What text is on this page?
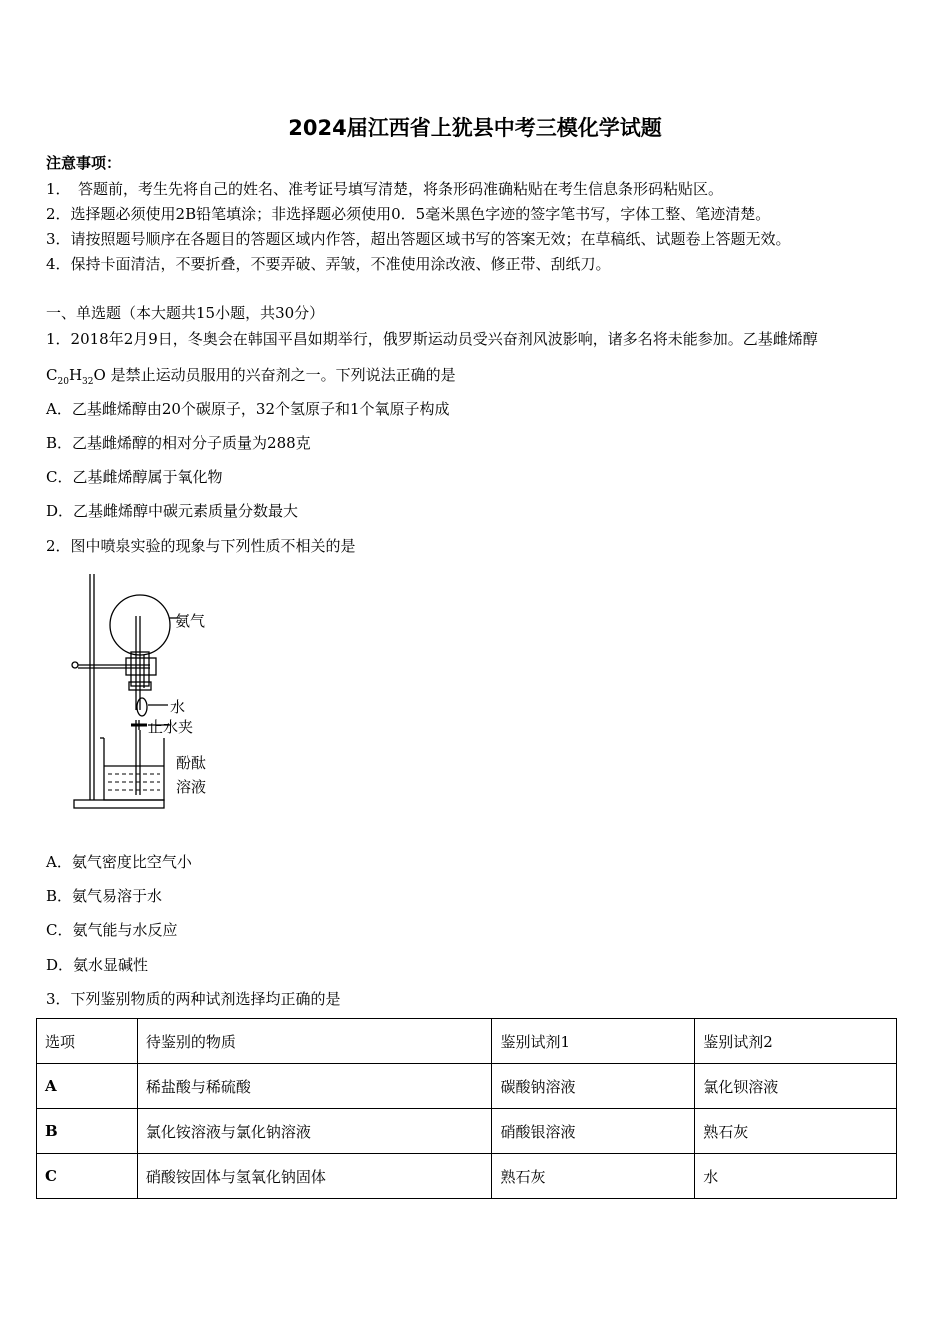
2024届江西省上犹县中考三模化学试题
注意事项：
1．　答题前，考生先将自己的姓名、准考证号填写清楚，将条形码准确粘贴在考生信息条形码粘贴区。
2．选择题必须使用2B铅笔填涂；非选择题必须使用0．5毫米黑色字迹的签字笔书写，字体工整、笔迹清楚。
3．请按照题号顺序在各题目的答题区域内作答，超出答题区域书写的答案无效；在草稿纸、试题卷上答题无效。
4．保持卡面清洁，不要折叠，不要弄破、弄皱，不准使用涂改液、修正带、刮纸刀。
一、单选题（本大题共15小题，共30分）
1．2018年2月9日，冬奥会在韩国平昌如期举行，俄罗斯运动员受兴奋剂风波影响，诸多名将未能参加。乙基雌烯醇
$C_{20}H_{32}O$ 是禁止运动员服用的兴奋剂之一。下列说法正确的是
A．乙基雌烯醇由20个碳原子，32个氢原子和1个氧原子构成
B．乙基雌烯醇的相对分子质量为288克
C．乙基雌烯醇属于氧化物
D．乙基雌烯醇中碳元素质量分数最大
2．图中喷泉实验的现象与下列性质不相关的是
氨气
水
止水夹
酚酞
溶液
A．氨气密度比空气小
B．氨气易溶于水
C．氨气能与水反应
D．氨水显碱性
3．下列鉴别物质的两种试剂选择均正确的是
选项	待鉴别的物质	鉴别试剂1	鉴别试剂2
A	稀盐酸与稀硫酸	碳酸钠溶液	氯化钡溶液
B	氯化铵溶液与氯化钠溶液	硝酸银溶液	熟石灰
C	硝酸铵固体与氢氧化钠固体	熟石灰	水
